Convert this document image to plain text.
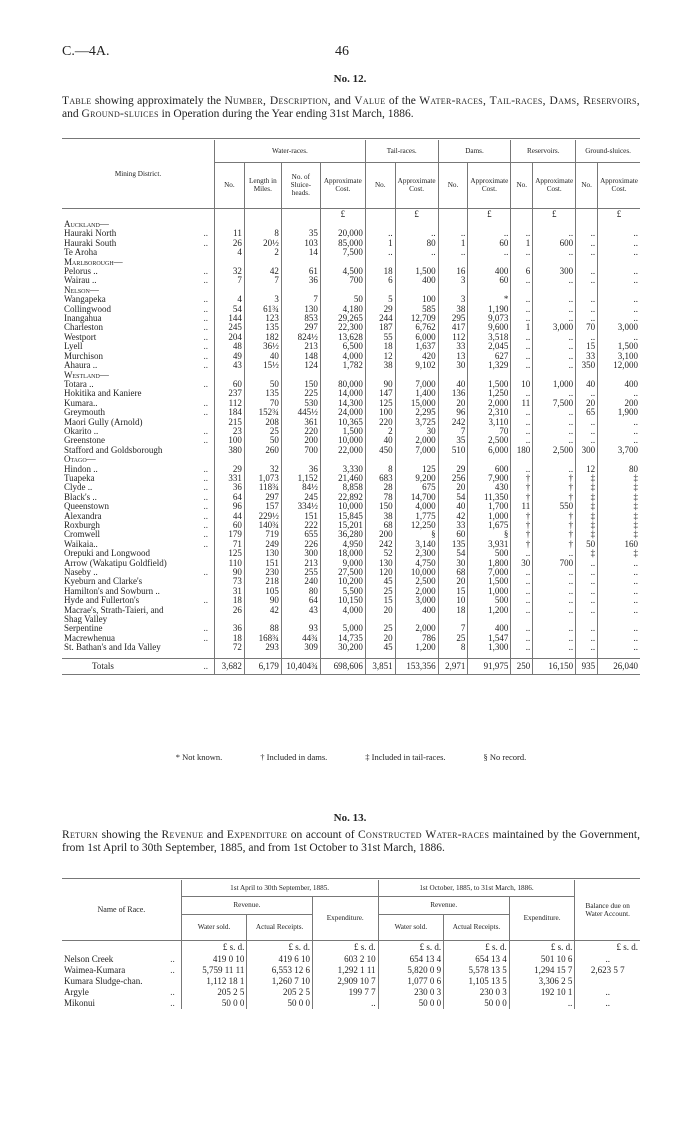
C.—4A.	46
No. 12.
Table showing approximately the Number, Description, and Value of the Water-races, Tail-races, Dams, Reservoirs, and Ground-sluices in Operation during the Year ending 31st March, 1886.
Mining District.	Water-races.				Tail-races.		Dams.		Reservoirs.		Ground-sluices.	
	No.	Length in Miles.	No. of Sluice-heads.	Approximate Cost.	No.	Approximate Cost.	No.	Approximate Cost.	No.	Approximate Cost.	No.	Approximate Cost.
				£		£		£		£		£
Auckland—												

Hauraki North ..	11	8	35	20,000	..	..	..	..	..	..	..	..

Hauraki South ..	26	20½	103	85,000	1	80	1	60	1	600	..	..

Te Aroha	4	2	14	7,500	..	..	..	..	..	..	..	..
Marlborough—												

Pelorus .. ..	32	42	61	4,500	18	1,500	16	400	6	300	..	..

Wairau .. ..	7	7	36	700	6	400	3	60	..	..	..	..
Nelson—												

Wangapeka ..	4	3	7	50	5	100	3	*	..	..	..	..

Collingwood ..	54	61¾	130	4,180	29	585	38	1,190	..	..	..	..

Inangahua ..	144	123	853	29,265	244	12,709	295	9,073	..	..	..	..

Charleston ..	245	135	297	22,300	187	6,762	417	9,600	1	3,000	70	3,000

Westport ..	204	182	824½	13,628	55	6,000	112	3,518	..	..	..	..

Lyell ..	48	36½	213	6,500	18	1,637	33	2,045	..	..	15	1,500

Murchison ..	49	40	148	4,000	12	420	13	627	..	..	33	3,100

Ahaura .. ..	43	15½	124	1,782	38	9,102	30	1,329	..	..	350	12,000
Westland—												

Totara .. ..	60	50	150	80,000	90	7,000	40	1,500	10	1,000	40	400

Hokitika and Kaniere	237	135	225	14,000	147	1,400	136	1,250	..	..	..	..

Kumara.. ..	112	70	530	14,300	125	15,000	20	2,000	11	7,500	20	200

Greymouth ..	184	152¾	445½	24,000	100	2,295	96	2,310	..	..	65	1,900

Maori Gully (Arnold)	215	208	361	10,365	220	3,725	242	3,110	..	..	..	..

Okarito .. ..	23	25	220	1,500	2	30	7	70	..	..	..	..

Greenstone ..	100	50	200	10,000	40	2,000	35	2,500	..	..	..	..

Stafford and Goldsborough	380	260	700	22,000	450	7,000	510	6,000	180	2,500	300	3,700
Otago—												

Hindon .. ..	29	32	36	3,330	8	125	29	600	..	..	12	80

Tuapeka ..	331	1,073	1,152	21,460	683	9,200	256	7,900	†	†	‡	‡

Clyde .. ..	36	118¾	84½	8,858	28	675	20	430	†	†	‡	‡

Black's .. ..	64	297	245	22,892	78	14,700	54	11,350	†	†	‡	‡

Queenstown ..	96	157	334½	10,000	150	4,000	40	1,700	11	550	‡	‡

Alexandra ..	44	229½	151	15,845	38	1,775	42	1,000	†	†	‡	‡

Roxburgh ..	60	140¾	222	15,201	68	12,250	33	1,675	†	†	‡	‡

Cromwell ..	179	719	655	36,280	200	§	60	§	†	†	‡	‡

Waikaia.. ..	71	249	226	4,950	242	3,140	135	3,931	†	†	50	160

Orepuki and Longwood	125	130	300	18,000	52	2,300	54	500	..	..	‡	‡

Arrow (Wakatipu Goldfield)	110	151	213	9,000	130	4,750	30	1,800	30	700	..	..

Naseby .. ..	90	230	255	27,500	120	10,000	68	7,000	..	..	..	..

Kyeburn and Clarke's	73	218	240	10,200	45	2,500	20	1,500	..	..	..	..

Hamilton's and Sowburn ..	31	105	80	5,500	25	2,000	15	1,000	..	..	..	..

Hyde and Fullerton's ..	18	90	64	10,150	15	3,000	10	500	..	..	..	..

Macrae's, Strath-Taieri, and	26	42	43	4,000	20	400	18	1,200	..	..	..	..

Shag Valley												

Serpentine ..	36	88	93	5,000	25	2,000	7	400	..	..	..	..

Macrewhenua ..	18	168¾	44¾	14,735	20	786	25	1,547	..	..	..	..

St. Bathan's and Ida Valley	72	293	309	30,200	45	1,200	8	1,300	..	..	..	..

Totals ..	3,682	6,179	10,404¾	698,606	3,851	153,356	2,971	91,975	250	16,150	935	26,040
* Not known.	† Included in dams.	‡ Included in tail-races.	§ No record.
No. 13.
Return showing the Revenue and Expenditure on account of Constructed Water-races maintained by the Government, from 1st April to 30th September, 1885, and from 1st October to 31st March, 1886.
Name of Race.	1st April to 30th September, 1885.			1st October, 1885, to 31st March, 1886.			Balance due on Water Account.
	Revenue.		Expenditure.	Revenue.		Expenditure.	
	Water sold.	Actual Receipts.		Water sold.	Actual Receipts.		
	£ s. d.	£ s. d.	£ s. d.	£ s. d.	£ s. d.	£ s. d.	£ s. d.

Nelson Creek ..	419 0 10	419 6 10	603 2 10	654 13 4	654 13 4	501 10 6	..

Waimea-Kumara ..	5,759 11 11	6,553 12 6	1,292 1 11	5,820 0 9	5,578 13 5	1,294 15 7	2,623 5 7

Kumara Sludge-chan.	1,112 18 1	1,260 7 10	2,909 10 7	1,077 0 6	1,105 13 5	3,306 2 5	

Argyle ..	205 2 5	205 2 5	199 7 7	230 0 3	230 0 3	192 10 1	..

Mikonui ..	50 0 0	50 0 0	..	50 0 0	50 0 0	..	..
